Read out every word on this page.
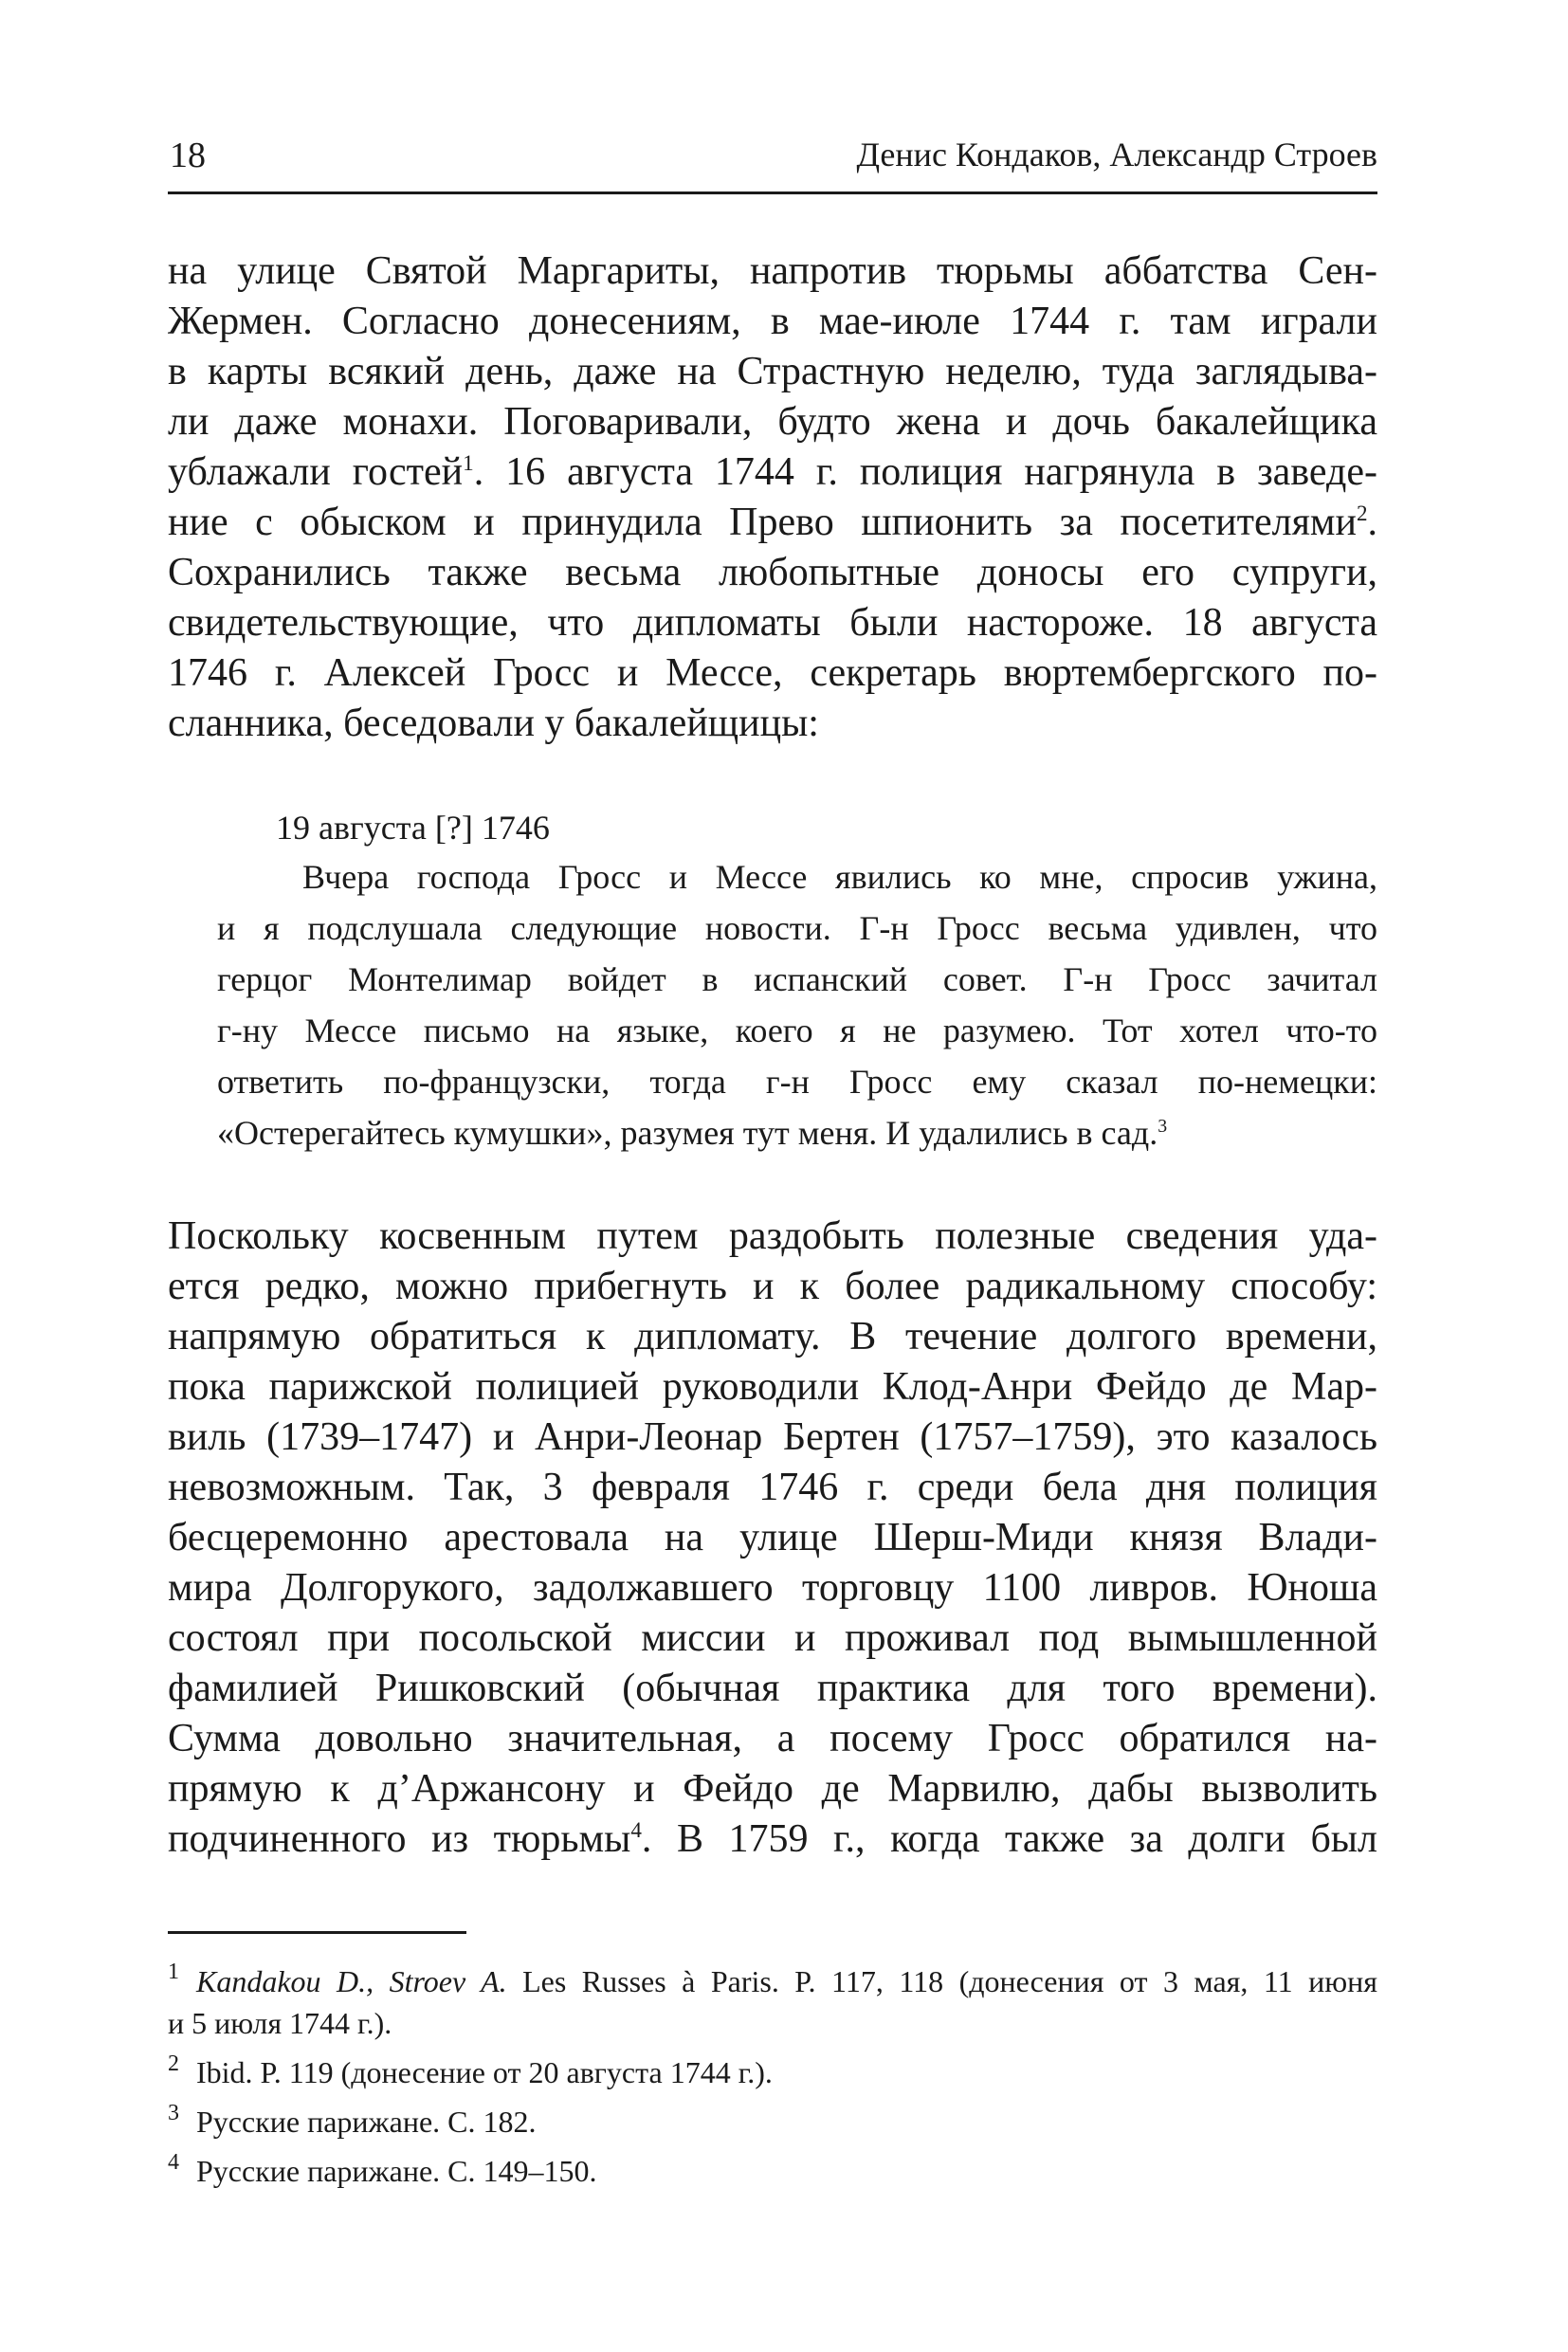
18	Денис Кондаков, Александр Строев
на улице Святой Маргариты, напротив тюрьмы аббатства Сен-
Жермен. Согласно донесениям, в мае-июле 1744 г. там играли
в карты всякий день, даже на Страстную неделю, туда заглядыва-
ли даже монахи. Поговаривали, будто жена и дочь бакалейщика
ублажали гостей$^1$. 16 августа 1744 г. полиция нагрянула в заведе-
ние с обыском и принудила Прево шпионить за посетителями$^2$.
Сохранились также весьма любопытные доносы его супруги,
свидетельствующие, что дипломаты были настороже. 18 августа
1746 г. Алексей Гросс и Мессе, секретарь вюртембергского по-
сланника, беседовали у бакалейщицы:
19 августа [?] 1746
Вчера господа Гросс и Мессе явились ко мне, спросив ужина,
и я подслушала следующие новости. Г-н Гросс весьма удивлен, что
герцог Монтелимар войдет в испанский совет. Г-н Гросс зачитал
г-ну Мессе письмо на языке, коего я не разумею. Тот хотел что-то
ответить по-французски, тогда г-н Гросс ему сказал по-немецки:
«Остерегайтесь кумушки», разумея тут меня. И удалились в сад.$^3$
Поскольку косвенным путем раздобыть полезные сведения уда-
ется редко, можно прибегнуть и к более радикальному способу:
напрямую обратиться к дипломату. В течение долгого времени,
пока парижской полицией руководили Клод-Анри Фейдо де Мар-
виль (1739–1747) и Анри-Леонар Бертен (1757–1759), это казалось
невозможным. Так, 3 февраля 1746 г. среди бела дня полиция
бесцеремонно арестовала на улице Шерш-Миди князя Влади-
мира Долгорукого, задолжавшего торговцу 1100 ливров. Юноша
состоял при посольской миссии и проживал под вымышленной
фамилией Ришковский (обычная практика для того времени).
Сумма довольно значительная, а посему Гросс обратился на-
прямую к д’Аржансону и Фейдо де Марвилю, дабы вызволить
подчиненного из тюрьмы$^4$. В 1759 г., когда также за долги был
1 Kandakou D., Stroev A. Les Russes à Paris. P. 117, 118 (донесения от 3 мая, 11 июня
и 5 июля 1744 г.).
2 Ibid. P. 119 (донесение от 20 августа 1744 г.).
3 Русские парижане. С. 182.
4 Русские парижане. С. 149–150.
